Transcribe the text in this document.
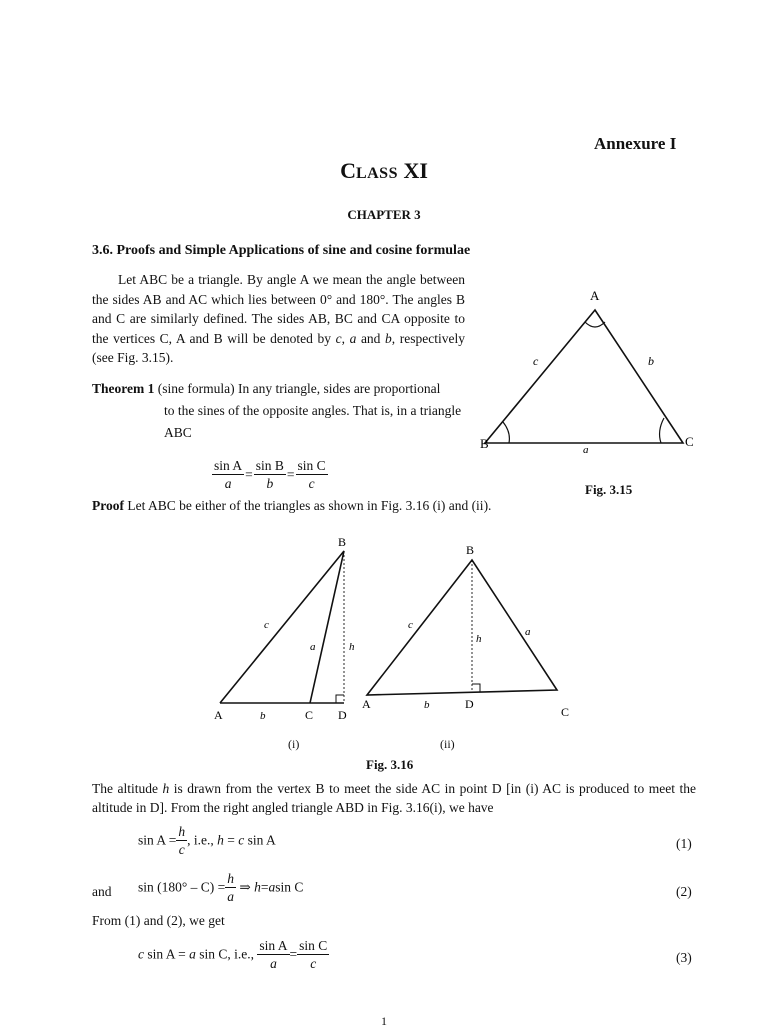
Annexure I
CLASS XI
CHAPTER 3
3.6. Proofs and Simple Applications of sine and cosine formulae
Let ABC be a triangle. By angle A we mean the angle between the sides AB and AC which lies between 0° and 180°. The angles B and C are similarly defined. The sides AB, BC and CA opposite to the vertices C, A and B will be denoted by c, a and b, respectively (see Fig. 3.15).
Theorem 1 (sine formula) In any triangle, sides are proportional
to the sines of the opposite angles. That is, in a triangle
ABC
$\frac{\text{sin A}}{a} = \frac{\text{sin B}}{b} = \frac{\text{sin C}}{c}$
A
B	C
c	b
a
Fig. 3.15
Proof Let ABC be either of the triangles as shown in Fig. 3.16 (i) and (ii).
B
A	C D
b
c
a	h
B
A
C
D
b
c
a
h
(i)	(ii)
Fig. 3.16
The altitude h is drawn from the vertex B to meet the side AC in point D [in (i) AC is produced to meet the altitude in D]. From the right angled triangle ABD in Fig. 3.16(i), we have
$\sin A = \frac{h}{c}$ , i.e., h = c sin A	(1)
and $\sin (180^\circ - C) = \frac{h}{a}$ ⇒ h=asin C	(2)
From (1) and (2), we get
c sin A = a sin C, i.e., $\frac{\text{sin A}}{a} = \frac{\text{sin C}}{c}$	(3)
1
